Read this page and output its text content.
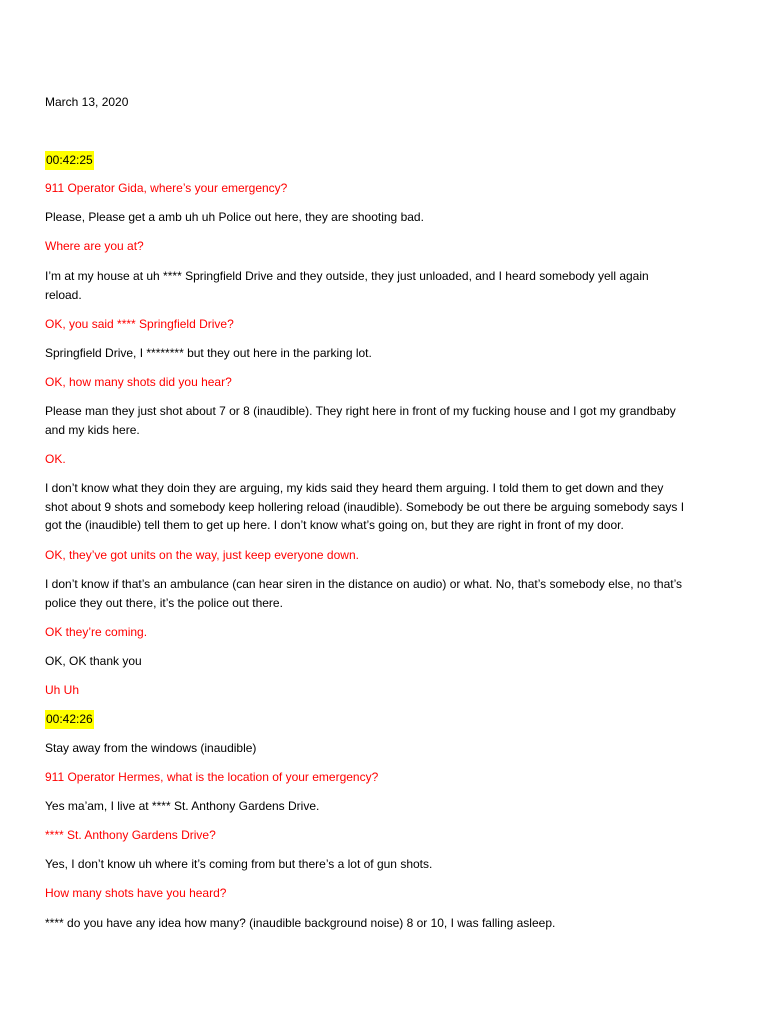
March 13, 2020
00:42:25
911 Operator Gida, where’s your emergency?
Please, Please get a amb uh uh Police out here, they are shooting bad.
Where are you at?
I’m at my house at uh **** Springfield Drive and they outside, they just unloaded, and I heard somebody yell again
reload.
OK, you said **** Springfield Drive?
Springfield Drive, I ******** but they out here in the parking lot.
OK, how many shots did you hear?
Please man they just shot about 7 or 8 (inaudible). They right here in front of my fucking house and I got my grandbaby
and my kids here.
OK.
I don’t know what they doin they are arguing, my kids said they heard them arguing. I told them to get down and they
shot about 9 shots and somebody keep hollering reload (inaudible). Somebody be out there be arguing somebody says I
got the (inaudible) tell them to get up here. I don’t know what’s going on, but they are right in front of my door.
OK, they’ve got units on the way, just keep everyone down.
I don’t know if that’s an ambulance (can hear siren in the distance on audio) or what. No, that’s somebody else, no that’s
police they out there, it’s the police out there.
OK they’re coming.
OK, OK thank you
Uh Uh
00:42:26
Stay away from the windows (inaudible)
911 Operator Hermes, what is the location of your emergency?
Yes ma’am, I live at **** St. Anthony Gardens Drive.
**** St. Anthony Gardens Drive?
Yes, I don’t know uh where it’s coming from but there’s a lot of gun shots.
How many shots have you heard?
**** do you have any idea how many? (inaudible background noise) 8 or 10, I was falling asleep.
